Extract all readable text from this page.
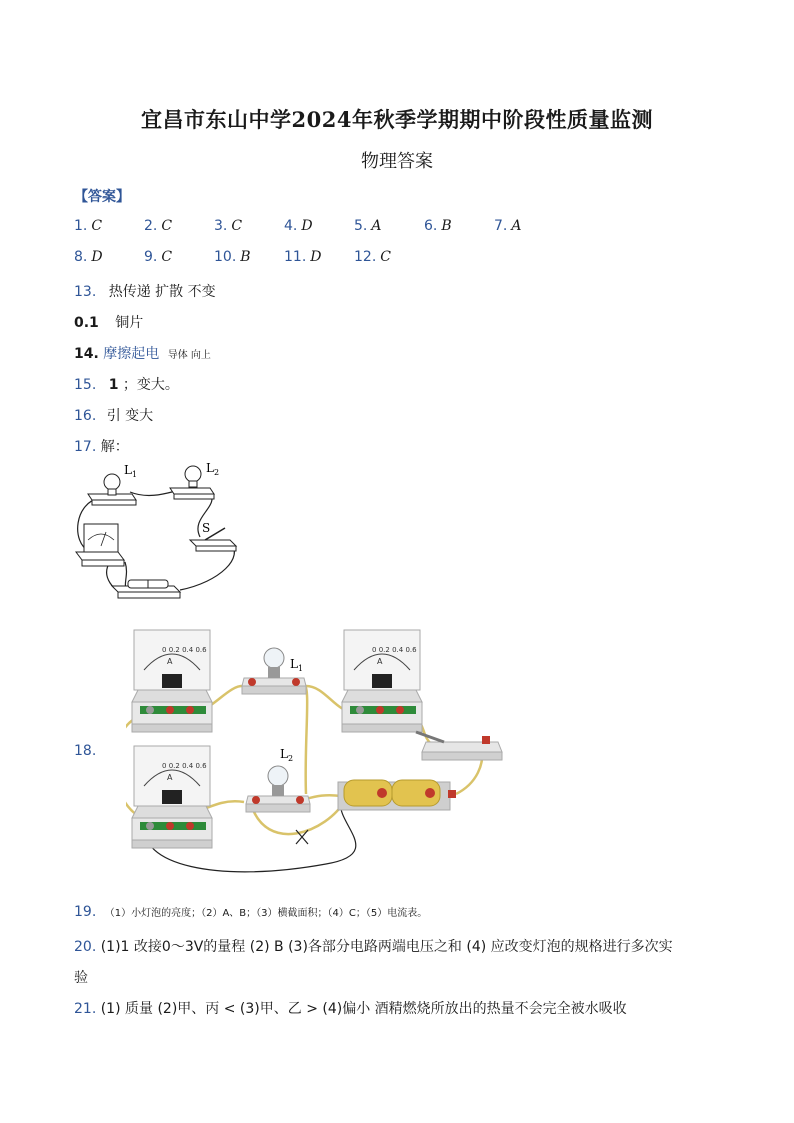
宜昌市东山中学2024年秋季学期期中阶段性质量监测
物理答案
【答案】
1. C	2. C	3. C	4. D	5. A	6. B	7. A
8. D	9. C	10. B 11. D 12. C
13. 热传递 扩散 不变
0.1 铜片
14. 摩擦起电 导体 向上
15. 1 ；变大。
16. 引 变大
17. 解：
$L_1$	$L_2$
S
18.
0 0.2 0.4 0.6
A
0 0.2 0.4 0.6
A
0 0.2 0.4 0.6
A
$L_1$
$L_2$
19. （1）小灯泡的亮度；（2）A、B；（3）横截面积；（4）C；（5）电流表。
20. (1)1 改接0～3V的量程 (2) B (3)各部分电路两端电压之和 (4) 应改变灯泡的规格进行多次实
验
21. (1) 质量 (2)甲、丙 < (3)甲、乙 > (4)偏小 酒精燃烧所放出的热量不会完全被水吸收
